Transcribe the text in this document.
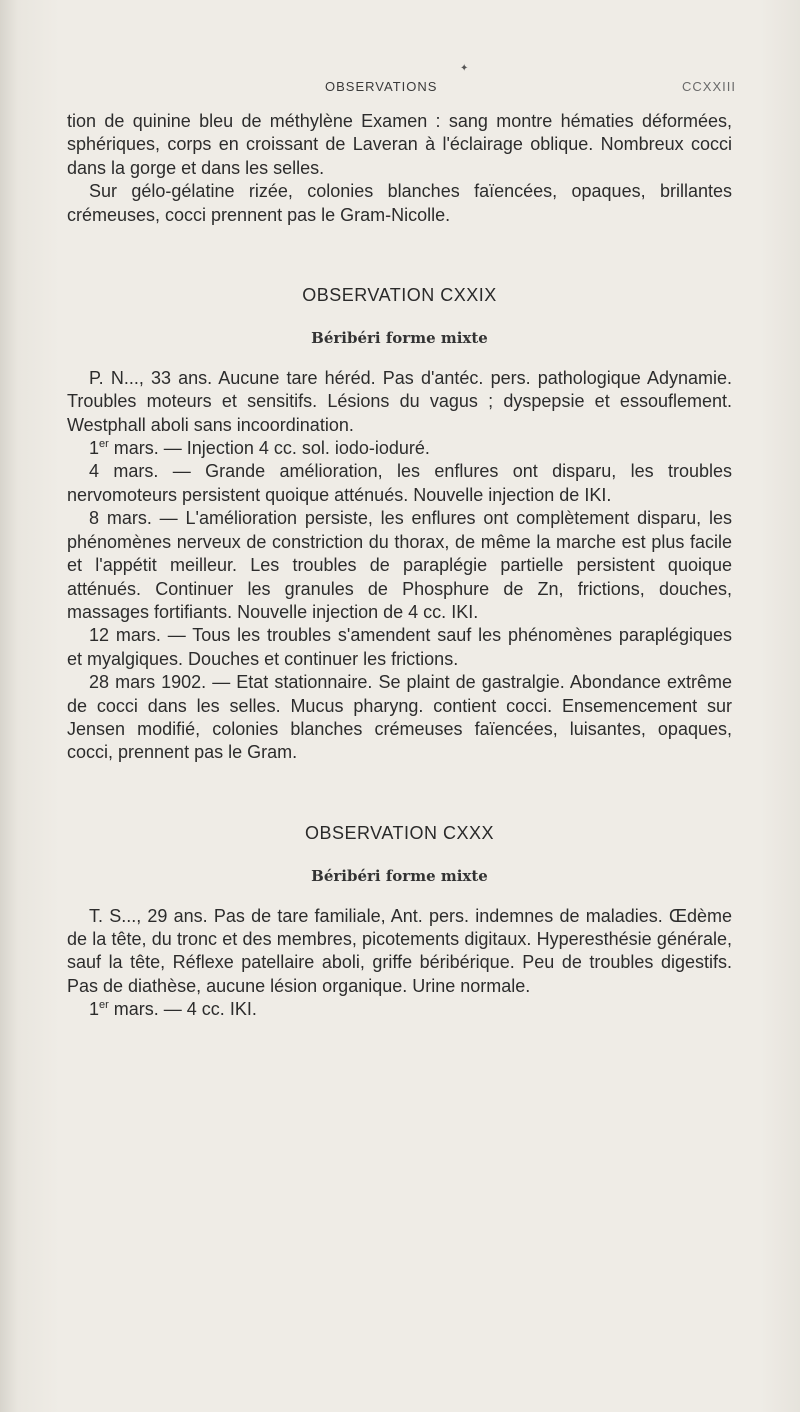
✦
OBSERVATIONS	CCXXIII

tion de quinine bleu de méthylène Examen : sang montre hématies déformées, sphériques, corps en croissant de Laveran à l'éclairage oblique. Nombreux cocci dans la gorge et dans les selles.

Sur gélo-gélatine rizée, colonies blanches faïencées, opaques, brillantes crémeuses, cocci prennent pas le Gram-Nicolle.

OBSERVATION CXXIX

Béribéri forme mixte

P. N..., 33 ans. Aucune tare héréd. Pas d'antéc. pers. pathologique Adynamie. Troubles moteurs et sensitifs. Lésions du vagus ; dyspepsie et essouflement. Westphall aboli sans incoordination.

1er mars. — Injection 4 cc. sol. iodo-ioduré.

4 mars. — Grande amélioration, les enflures ont disparu, les troubles nervomoteurs persistent quoique atténués. Nouvelle injection de IKI.

8 mars. — L'amélioration persiste, les enflures ont complètement disparu, les phénomènes nerveux de constriction du thorax, de même la marche est plus facile et l'appétit meilleur. Les troubles de paraplégie partielle persistent quoique atténués. Continuer les granules de Phosphure de Zn, frictions, douches, massages fortifiants. Nouvelle injection de 4 cc. IKI.

12 mars. — Tous les troubles s'amendent sauf les phénomènes paraplégiques et myalgiques. Douches et continuer les frictions.

28 mars 1902. — Etat stationnaire. Se plaint de gastralgie. Abondance extrême de cocci dans les selles. Mucus pharyng. contient cocci. Ensemencement sur Jensen modifié, colonies blanches crémeuses faïencées, luisantes, opaques, cocci, prennent pas le Gram.

OBSERVATION CXXX

Béribéri forme mixte

T. S..., 29 ans. Pas de tare familiale, Ant. pers. indemnes de maladies. Œdème de la tête, du tronc et des membres, picotements digitaux. Hyperesthésie générale, sauf la tête, Réflexe patellaire aboli, griffe béribérique. Peu de troubles digestifs. Pas de diathèse, aucune lésion organique. Urine normale.

1er mars. — 4 cc. IKI.
